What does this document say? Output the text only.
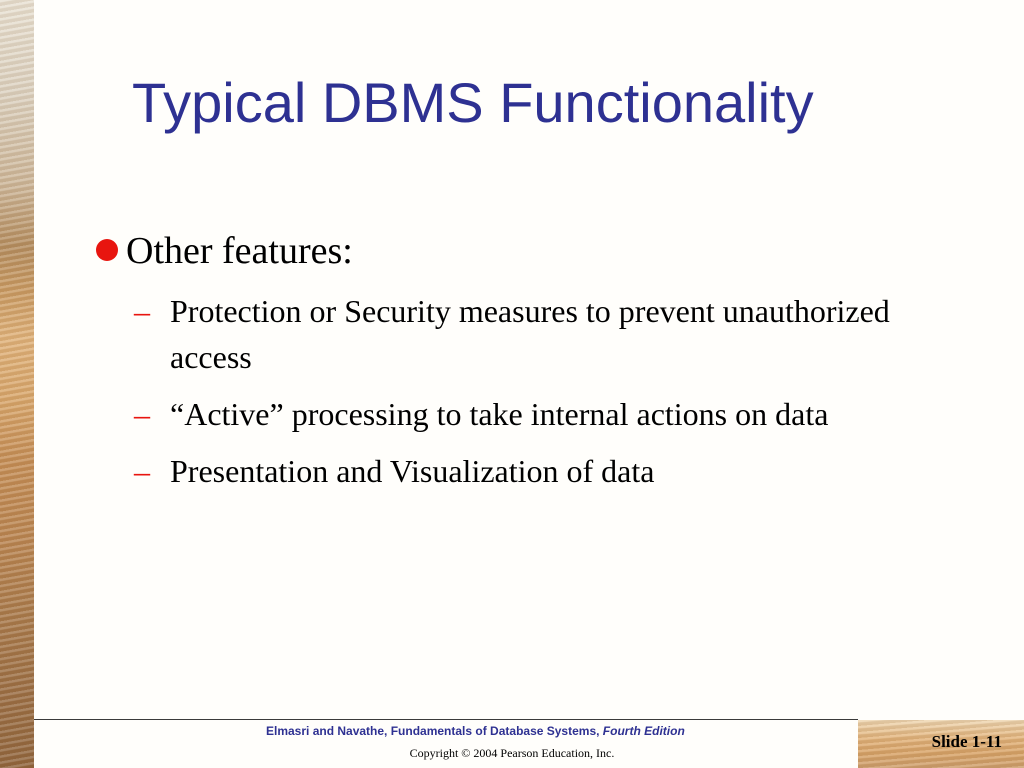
Typical DBMS Functionality
Other features:
– Protection or Security measures to prevent unauthorized access
– “Active” processing to take internal actions on data
– Presentation and Visualization of data
Elmasri and Navathe, Fundamentals of Database Systems, Fourth Edition
Copyright © 2004 Pearson Education, Inc.
Slide 1-11
